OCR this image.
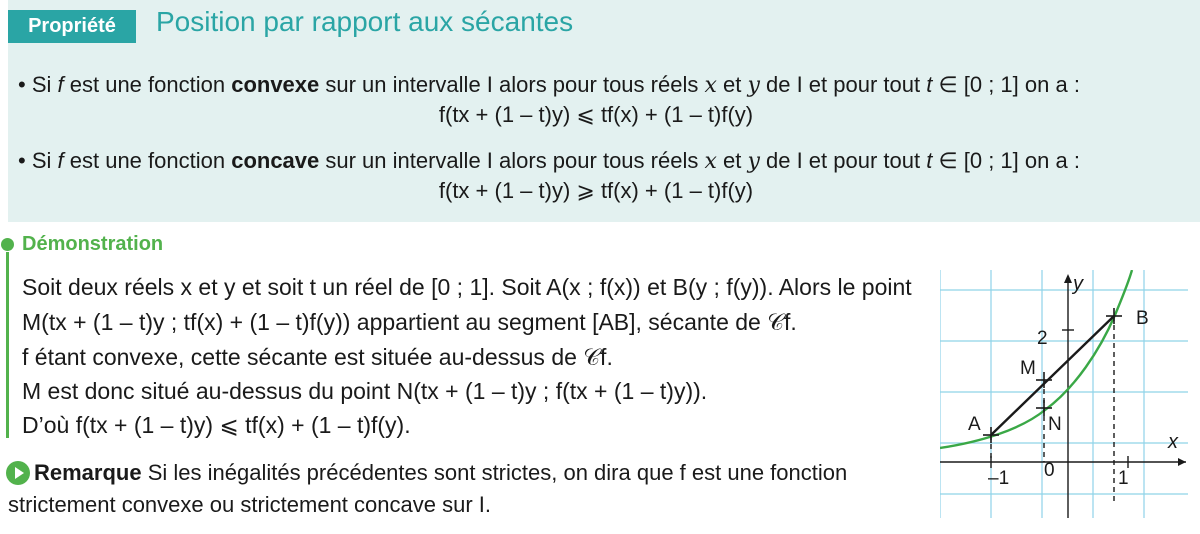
Propriété	Position par rapport aux sécantes
• Si f est une fonction convexe sur un intervalle I alors pour tous réels x et y de I et pour tout t ∈ [0 ; 1] on a :
f(tx + (1 – t)y) ⩽ tf(x) + (1 – t)f(y)
• Si f est une fonction concave sur un intervalle I alors pour tous réels x et y de I et pour tout t ∈ [0 ; 1] on a :
f(tx + (1 – t)y) ⩾ tf(x) + (1 – t)f(y)
Démonstration
Soit deux réels x et y et soit t un réel de [0 ; 1]. Soit A(x ; f(x)) et B(y ; f(y)). Alors le point
M(tx + (1 – t)y ; tf(x) + (1 – t)f(y)) appartient au segment [AB], sécante de 𝒞f.
f étant convexe, cette sécante est située au-dessus de 𝒞f.
M est donc situé au-dessus du point N(tx + (1 – t)y ; f(tx + (1 – t)y)).
D’où f(tx + (1 – t)y) ⩽ tf(x) + (1 – t)f(y).
Remarque Si les inégalités précédentes sont strictes, on dira que f est une fonction
strictement convexe ou strictement concave sur I.
y
x
–1 0	1
2
A
B
M
N
